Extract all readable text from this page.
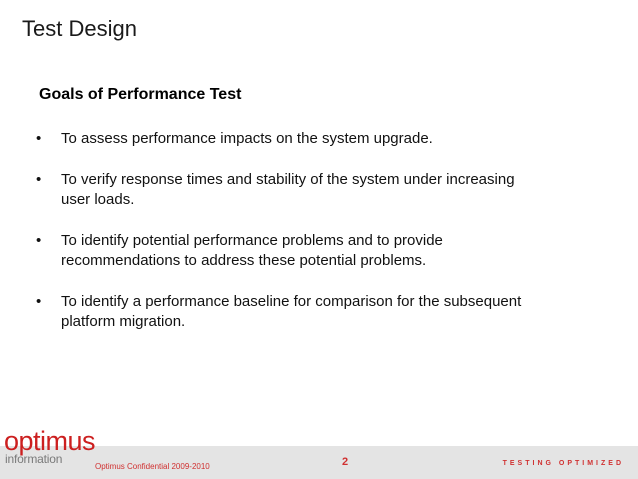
Test Design
Goals of Performance Test
•	To assess performance impacts on the system upgrade.
•	To verify response times and stability of the system under increasing
user loads.
•	To identify potential performance problems and to provide
recommendations to address these potential problems.
•	To identify a performance baseline for comparison for the subsequent
platform migration.
optimus
information
Optimus Confidential 2009-2010	2	TESTING OPTIMIZED
